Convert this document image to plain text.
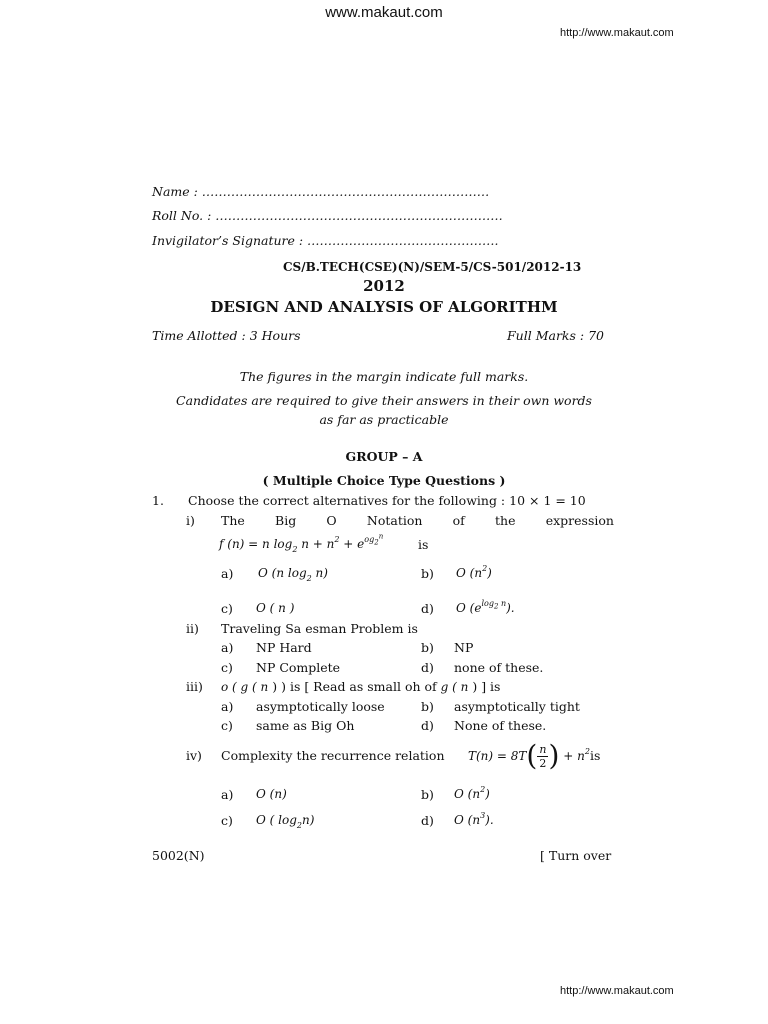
www.makaut.com
http://www.makaut.com
Name : ……………………………………………………………
Roll No. : ……………………………………………………………
Invigilator’s Signature : ……………………………………….
CS/B.TECH(CSE)(N)/SEM-5/CS-501/2012-13
2012
DESIGN AND ANALYSIS OF ALGORITHM
Time Allotted : 3 Hours	Full Marks : 70
The figures in the margin indicate full marks.
Candidates are required to give their answers in their own words
as far as practicable
GROUP – A
( Multiple Choice Type Questions )
1. Choose the correct alternatives for the following : 10 × 1 = 10
i) The Big O Notation of the expression
f (n) = n $\log_2 n + n^2 + e^{og_2^n}$
is
a) O (n $\log_2 n$)	b) O $(n^2)$
c) O ( n )	d) O $(e^{log_2 n})$.
ii) Traveling Sa esman Problem is
a) NP Hard	b) NP
c) NP Complete	d) none of these.
iii) o ( g ( n ) ) is [ Read as small oh of g ( n ) ] is
a) asymptotically loose	b) asymptotically tight
c) same as Big Oh	d) None of these.
iv) Complexity the recurrence relation T(n) = 8T ( n
2 ) + $n^2$ is
a) O (n)	b) O $(n^2)$
c) O ( $\log_2n$)	d) O $(n^3)$.
5002(N)	[ Turn over
http://www.makaut.com
